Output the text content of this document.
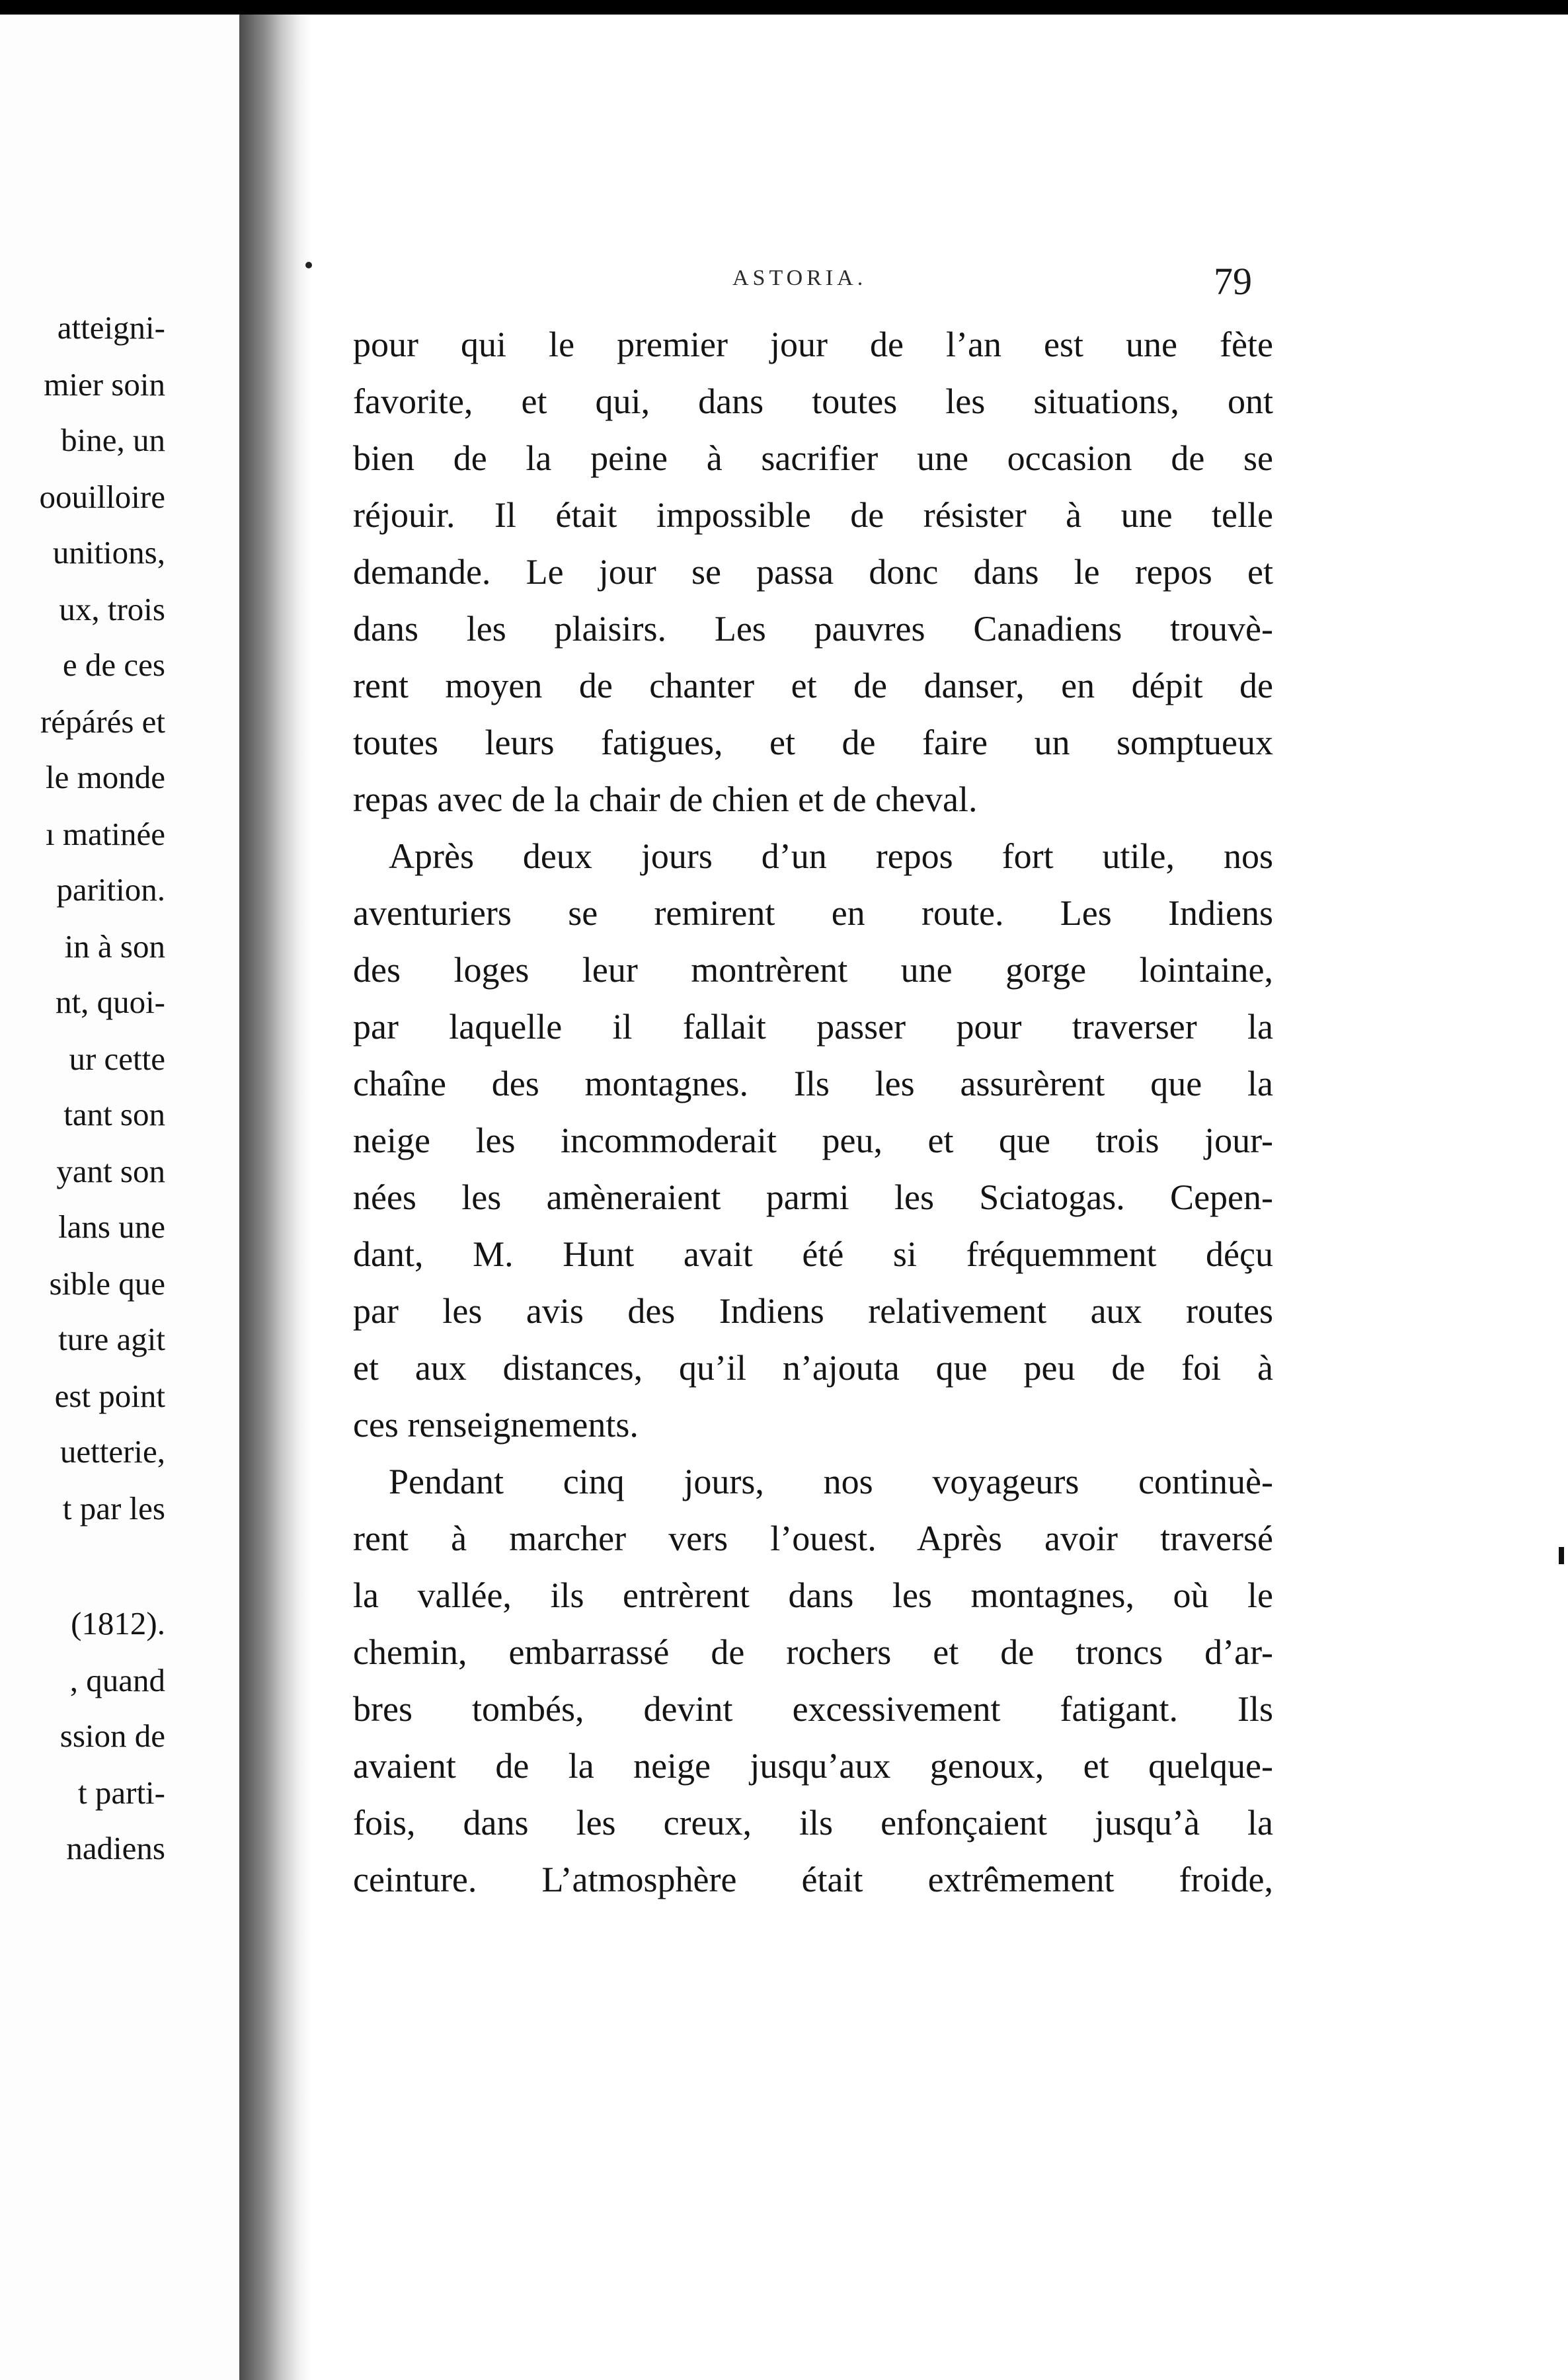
atteigni-
mier soin
bine, un
oouilloire
unitions,
ux, trois
e de ces
répárés et
le monde
ı matinée
parition.
in à son
nt, quoi-
ur cette
tant son
yant son
lans une
sible que
ture agit
est point
uetterie,
t par les
(1812).
, quand
ssion de
t parti-
nadiens
ASTORIA.	79
pour qui le premier jour de l’an est une fète
favorite, et qui, dans toutes les situations, ont
bien de la peine à sacrifier une occasion de se
réjouir. Il était impossible de résister à une telle
demande. Le jour se passa donc dans le repos et
dans les plaisirs. Les pauvres Canadiens trouvè-
rent moyen de chanter et de danser, en dépit de
toutes leurs fatigues, et de faire un somptueux
repas avec de la chair de chien et de cheval.
Après deux jours d’un repos fort utile, nos
aventuriers se remirent en route. Les Indiens
des loges leur montrèrent une gorge lointaine,
par laquelle il fallait passer pour traverser la
chaîne des montagnes. Ils les assurèrent que la
neige les incommoderait peu, et que trois jour-
nées les amèneraient parmi les Sciatogas. Cepen-
dant, M. Hunt avait été si fréquemment déçu
par les avis des Indiens relativement aux routes
et aux distances, qu’il n’ajouta que peu de foi à
ces renseignements.
Pendant cinq jours, nos voyageurs continuè-
rent à marcher vers l’ouest. Après avoir traversé
la vallée, ils entrèrent dans les montagnes, où le
chemin, embarrassé de rochers et de troncs d’ar-
bres tombés, devint excessivement fatigant. Ils
avaient de la neige jusqu’aux genoux, et quelque-
fois, dans les creux, ils enfonçaient jusqu’à la
ceinture. L’atmosphère était extrêmement froide,
